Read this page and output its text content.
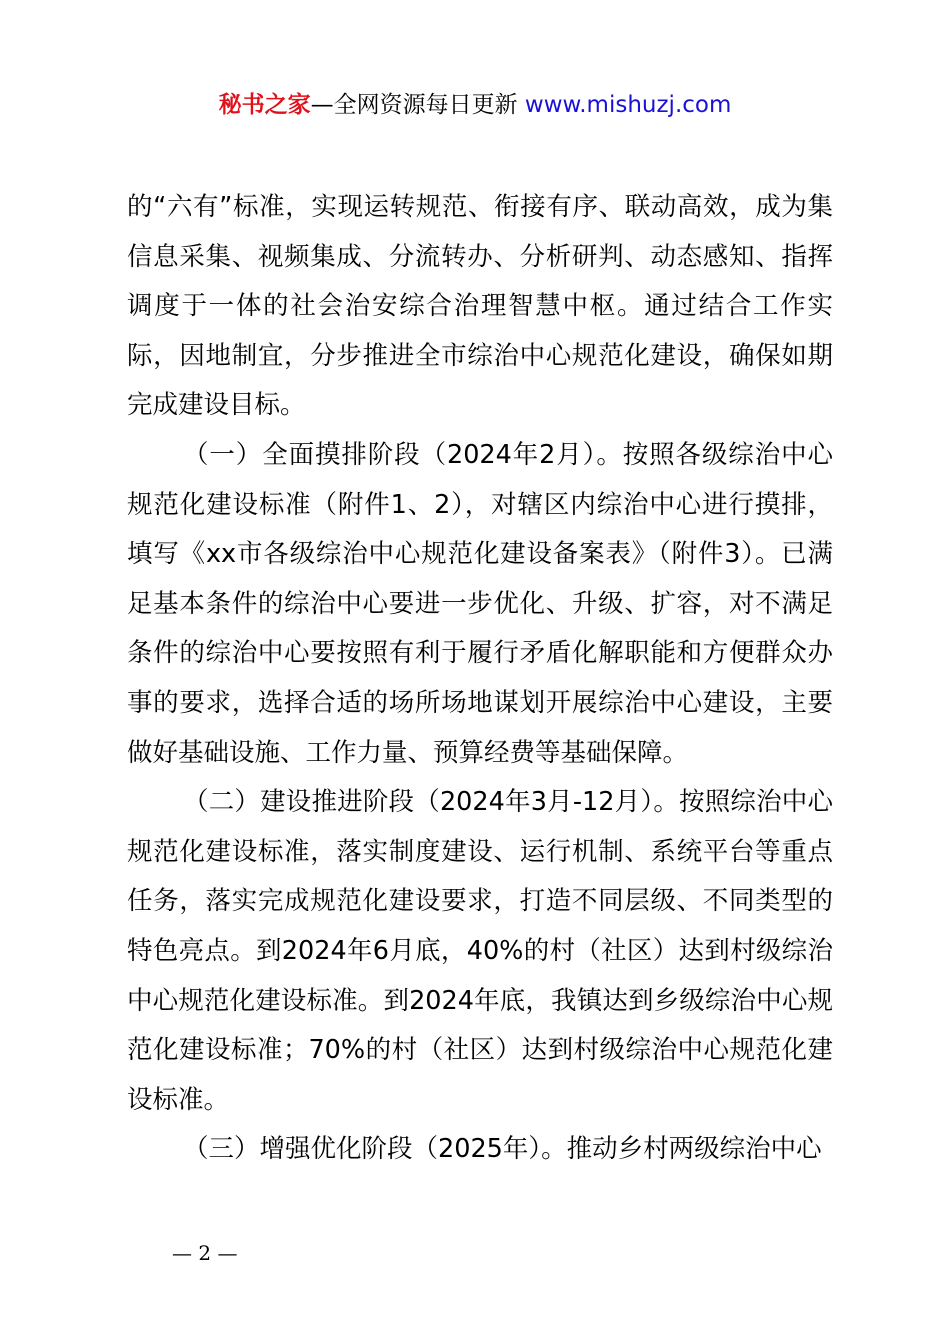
秘书之家—全网资源每日更新 www.mishuzj.com

的“六有”标准，实现运转规范、衔接有序、联动高效，成为集信息采集、视频集成、分流转办、分析研判、动态感知、指挥调度于一体的社会治安综合治理智慧中枢。通过结合工作实际，因地制宜，分步推进全市综治中心规范化建设，确保如期完成建设目标。

（一）全面摸排阶段（2024年2月）。按照各级综治中心规范化建设标准（附件1、2），对辖区内综治中心进行摸排，填写《xx市各级综治中心规范化建设备案表》（附件3）。已满足基本条件的综治中心要进一步优化、升级、扩容，对不满足条件的综治中心要按照有利于履行矛盾化解职能和方便群众办事的要求，选择合适的场所场地谋划开展综治中心建设，主要做好基础设施、工作力量、预算经费等基础保障。

（二）建设推进阶段（2024年3月-12月）。按照综治中心规范化建设标准，落实制度建设、运行机制、系统平台等重点任务，落实完成规范化建设要求，打造不同层级、不同类型的特色亮点。到2024年6月底，40%的村（社区）达到村级综治中心规范化建设标准。到2024年底，我镇达到乡级综治中心规范化建设标准；70%的村（社区）达到村级综治中心规范化建设标准。

（三）增强优化阶段（2025年）。推动乡村两级综治中心

— 2 —
